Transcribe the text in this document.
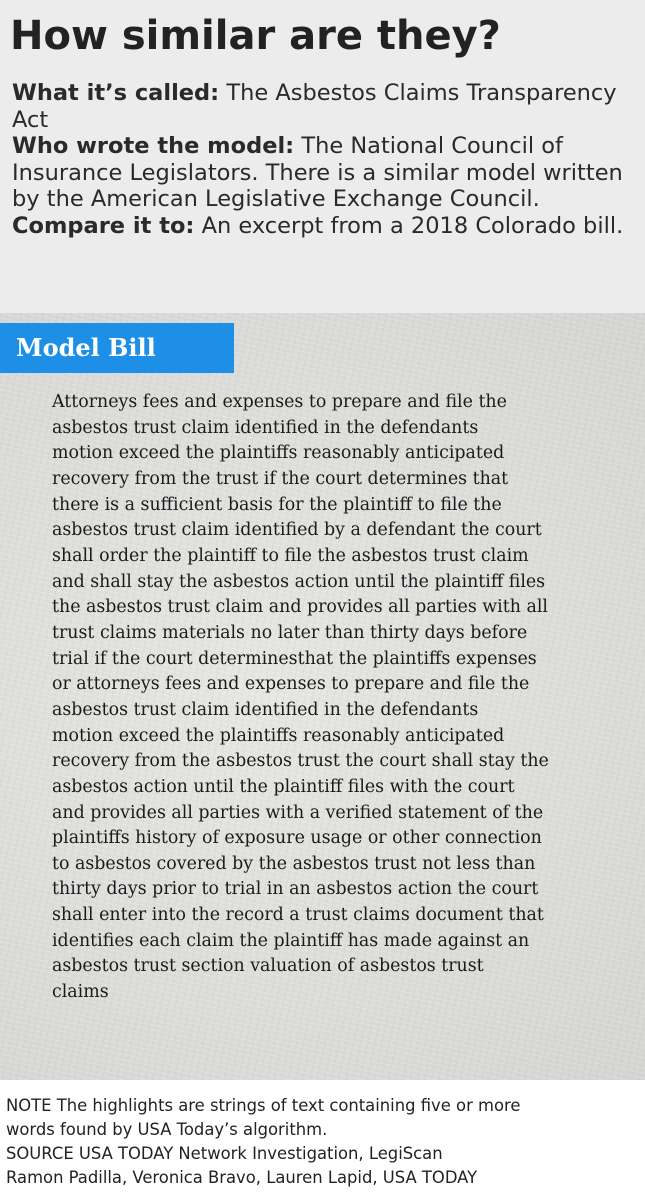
How similar are they?

What it’s called: The Asbestos Claims Transparency Act

Who wrote the model: The National Council of Insurance Legislators. There is a similar model written by the American Legislative Exchange Council.

Compare it to: An excerpt from a 2018 Colorado bill.

Model Bill
Attorneys fees and expenses to prepare and file the
asbestos trust claim identified in the defendants
motion exceed the plaintiffs reasonably anticipated
recovery from the trust if the court determines that
there is a sufficient basis for the plaintiff to file the
asbestos trust claim identified by a defendant the court
shall order the plaintiff to file the asbestos trust claim
and shall stay the asbestos action until the plaintiff files
the asbestos trust claim and provides all parties with all
trust claims materials no later than thirty days before
trial if the court determinesthat the plaintiffs expenses
or attorneys fees and expenses to prepare and file the
asbestos trust claim identified in the defendants
motion exceed the plaintiffs reasonably anticipated
recovery from the asbestos trust the court shall stay the
asbestos action until the plaintiff files with the court
and provides all parties with a verified statement of the
plaintiffs history of exposure usage or other connection
to asbestos covered by the asbestos trust not less than
thirty days prior to trial in an asbestos action the court
shall enter into the record a trust claims document that
identifies each claim the plaintiff has made against an
asbestos trust section valuation of asbestos trust
claims

NOTE The highlights are strings of text containing five or more

words found by USA Today’s algorithm.

SOURCE USA TODAY Network Investigation, LegiScan

Ramon Padilla, Veronica Bravo, Lauren Lapid, USA TODAY
